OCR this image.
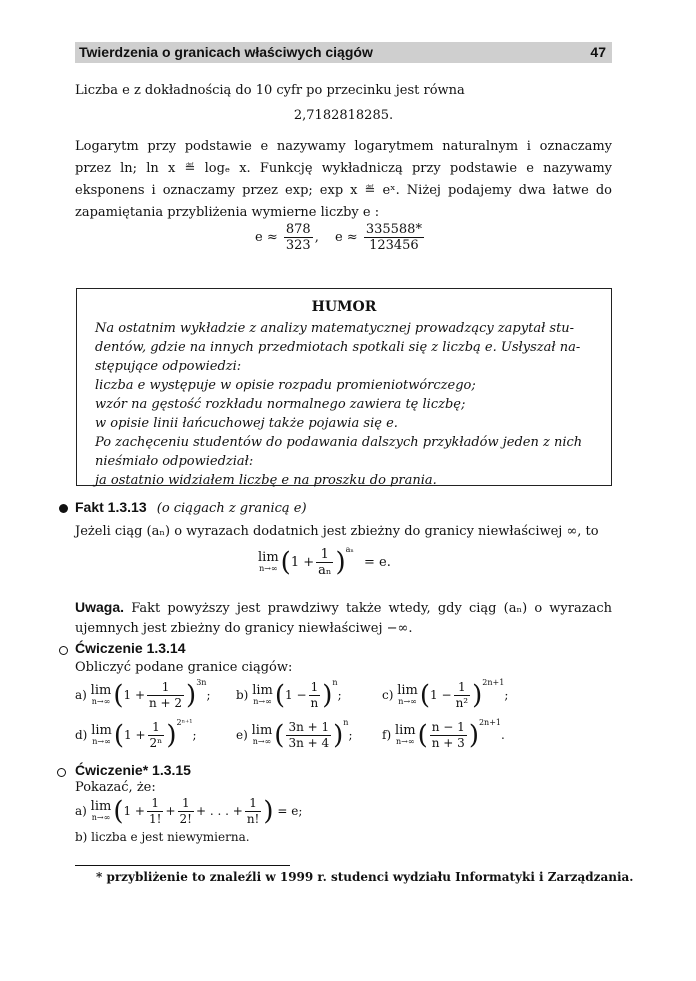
Twierdzenia o granicach właściwych ciągów	47
Liczba e z dokładnością do 10 cyfr po przecinku jest równa
2,7182818285.
Logarytm przy podstawie e nazywamy logarytmem naturalnym i oznaczamy przez ln; ln x ≝ logₑ x. Funkcję wykładniczą przy podstawie e nazywamy eksponens i oznaczamy przez exp; exp x ≝ eˣ. Niżej podajemy dwa łatwe do zapamiętania przybliżenia wymierne liczby e :
$e \approx \frac{878}{323}$ , $e \approx \frac{335588*}{123456}$
HUMOR
Na ostatnim wykładzie z analizy matematycznej prowadzący zapytał stu-
dentów, gdzie na innych przedmiotach spotkali się z liczbą e. Usłyszał na-
stępujące odpowiedzi:
liczba e występuje w opisie rozpadu promieniotwórczego;
wzór na gęstość rozkładu normalnego zawiera tę liczbę;
w opisie linii łańcuchowej także pojawia się e.
Po zachęceniu studentów do podawania dalszych przykładów jeden z nich
nieśmiało odpowiedział:
ja ostatnio widziałem liczbę e na proszku do prania.
Fakt 1.3.13 (o ciągach z granicą e)
Jeżeli ciąg (aₙ) o wyrazach dodatnich jest zbieżny do granicy niewłaściwej ∞, to
lim
n→∞ $(1 + \frac{1}{\text{aₙ}} )^{a_n} = e$.
Uwaga. Fakt powyższy jest prawdziwy także wtedy, gdy ciąg (aₙ) o wyrazach ujemnych jest zbieżny do granicy niewłaściwej −∞.
Ćwiczenie 1.3.14
Obliczyć podane granice ciągów:
a) lim
n→∞ $(1 + \frac{1}{n + 2} )^{3n}$; b) lim
n→∞ $(1 - \frac{1}{n} )^n$;	c) lim
n→∞ $(1 - \frac{1}{\text{n²}} )^{2n+1}$;
d) lim
n→∞ $(1 + \frac{1}{\text{2ⁿ}} )^{2^{n+1}}$;	e) lim
n→∞ ( $\frac{3n + 1}{3n + 4} )^n$; f) lim
n→∞ ( $\frac{n - 1}{n + 3} )^{2n+1}$.
Ćwiczenie* 1.3.15
Pokazać, że:
a) lim
n→∞ ($1 + \frac{1}{1!} + \frac{1}{2!}$ + . . . + $\frac{1}{n!}$ ) = e;
b) liczba e jest niewymierna.
* przybliżenie to znaleźli w 1999 r. studenci wydziału Informatyki i Zarządzania.
